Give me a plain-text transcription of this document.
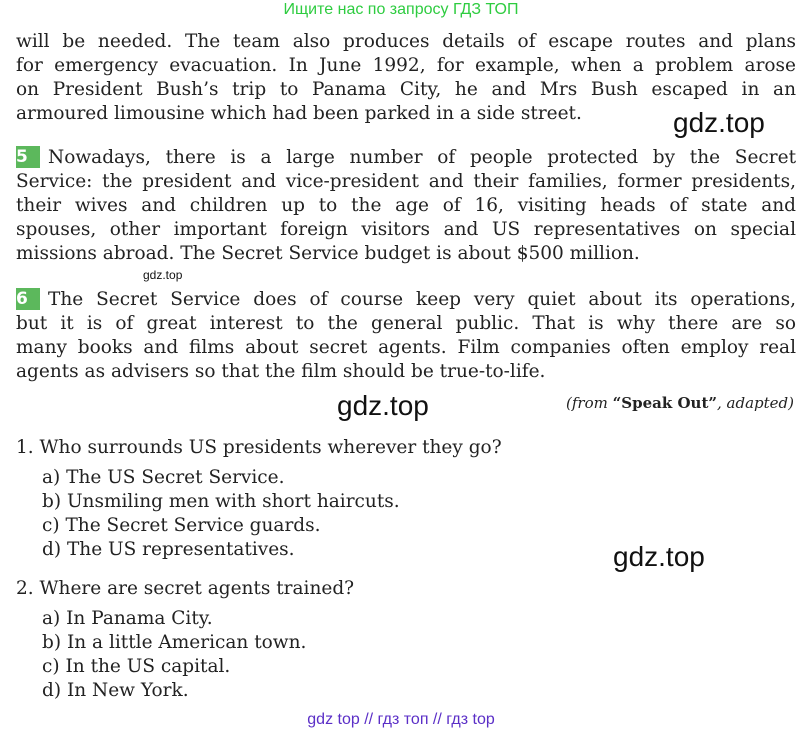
Ищите нас по запросу ГДЗ ТОП
will be needed. The team also produces details of escape routes and plans
for emergency evacuation. In June 1992, for example, when a problem arose
on President Bush’s trip to Panama City, he and Mrs Bush escaped in an
armoured limousine which had been parked in a side street.	gdz.top
5 Nowadays, there is a large number of people protected by the Secret
Service: the president and vice-president and their families, former presidents,
their wives and children up to the age of 16, visiting heads of state and
spouses, other important foreign visitors and US representatives on special
missions abroad. The Secret Service budget is about $500 million.
gdz.top
6 The Secret Service does of course keep very quiet about its operations,
but it is of great interest to the general public. That is why there are so
many books and films about secret agents. Film companies often employ real
agents as advisers so that the film should be true-to-life.
gdz.top	(from “Speak Out”, adapted)
1. Who surrounds US presidents wherever they go?
a) The US Secret Service.
b) Unsmiling men with short haircuts.
c) The Secret Service guards.
d) The US representatives.	gdz.top
2. Where are secret agents trained?
a) In Panama City.
b) In a little American town.
c) In the US capital.
d) In New York.
gdz top // гдз топ // гдз top
